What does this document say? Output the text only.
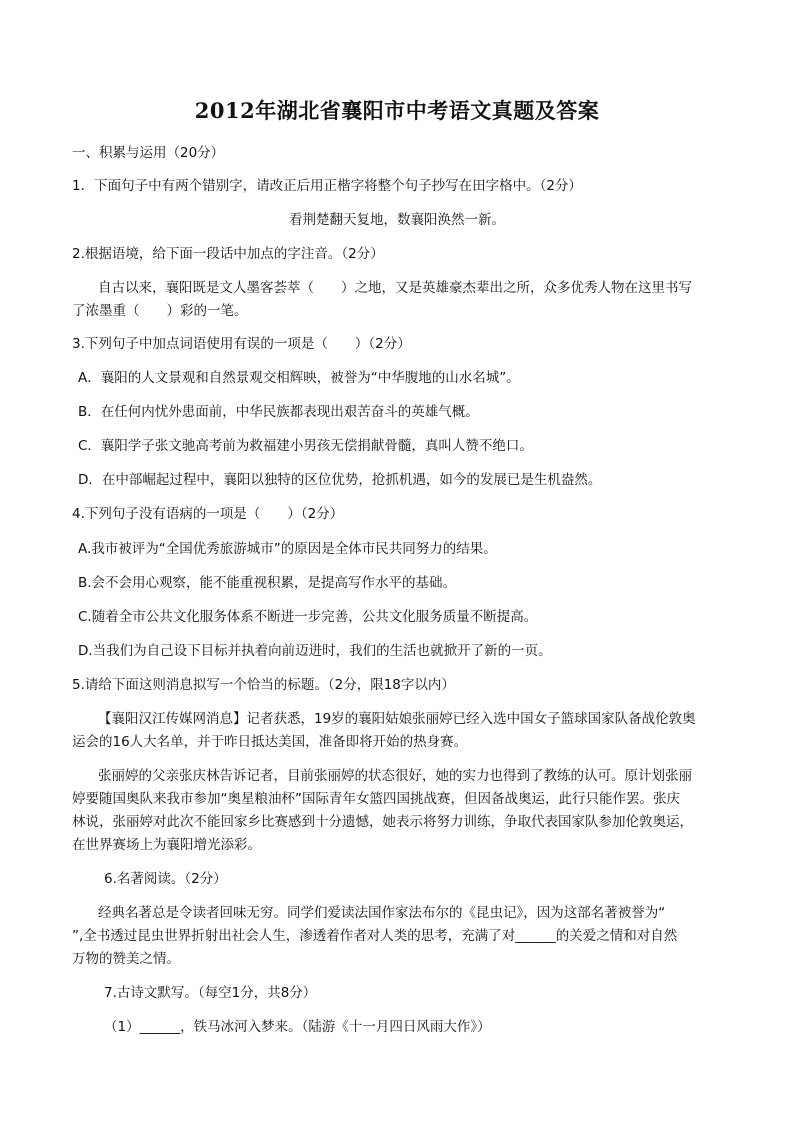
2012年湖北省襄阳市中考语文真题及答案
一、积累与运用（20分）
1．下面句子中有两个错别字，请改正后用正楷字将整个句子抄写在田字格中。（2分）
看荆楚翻天复地，数襄阳涣然一新。
2.根据语境，给下面一段话中加点的字注音。（2分）
自古以来，襄阳既是文人墨客荟萃（　　）之地，又是英雄豪杰辈出之所，众多优秀人物在这里书写
了浓墨重（　　）彩的一笔。
3.下列句子中加点词语使用有误的一项是（　　）（2分）
A．襄阳的人文景观和自然景观交相辉映，被誉为“中华腹地的山水名城”。
B．在任何内忧外患面前，中华民族都表现出艰苦奋斗的英雄气概。
C．襄阳学子张文驰高考前为救福建小男孩无偿捐献骨髓，真叫人赞不绝口。
D．在中部崛起过程中，襄阳以独特的区位优势，抢抓机遇，如今的发展已是生机盎然。
4.下列句子没有语病的一项是（　　）（2分）
A.我市被评为“全国优秀旅游城市”的原因是全体市民共同努力的结果。
B.会不会用心观察，能不能重视积累，是提高写作水平的基础。
C.随着全市公共文化服务体系不断进一步完善，公共文化服务质量不断提高。
D.当我们为自己设下目标并执着向前迈进时，我们的生活也就掀开了新的一页。
5.请给下面这则消息拟写一个恰当的标题。（2分，限18字以内）
【襄阳汉江传媒网消息】记者获悉，19岁的襄阳姑娘张丽婷已经入选中国女子篮球国家队备战伦敦奥
运会的16人大名单，并于昨日抵达美国，准备即将开始的热身赛。
张丽婷的父亲张庆林告诉记者，目前张丽婷的状态很好，她的实力也得到了教练的认可。原计划张丽
婷要随国奥队来我市参加“奥星粮油杯”国际青年女篮四国挑战赛，但因备战奥运，此行只能作罢。张庆
林说，张丽婷对此次不能回家乡比赛感到十分遗憾，她表示将努力训练，争取代表国家队参加伦敦奥运，
在世界赛场上为襄阳增光添彩。
6.名著阅读。（2分）
经典名著总是令读者回味无穷。同学们爱读法国作家法布尔的《昆虫记》，因为这部名著被誉为“
”,全书透过昆虫世界折射出社会人生，渗透着作者对人类的思考，充满了对______的关爱之情和对自然
万物的赞美之情。
7.古诗文默写。（每空1分，共8分）
（1）______，铁马冰河入梦来。（陆游《十一月四日风雨大作》）
